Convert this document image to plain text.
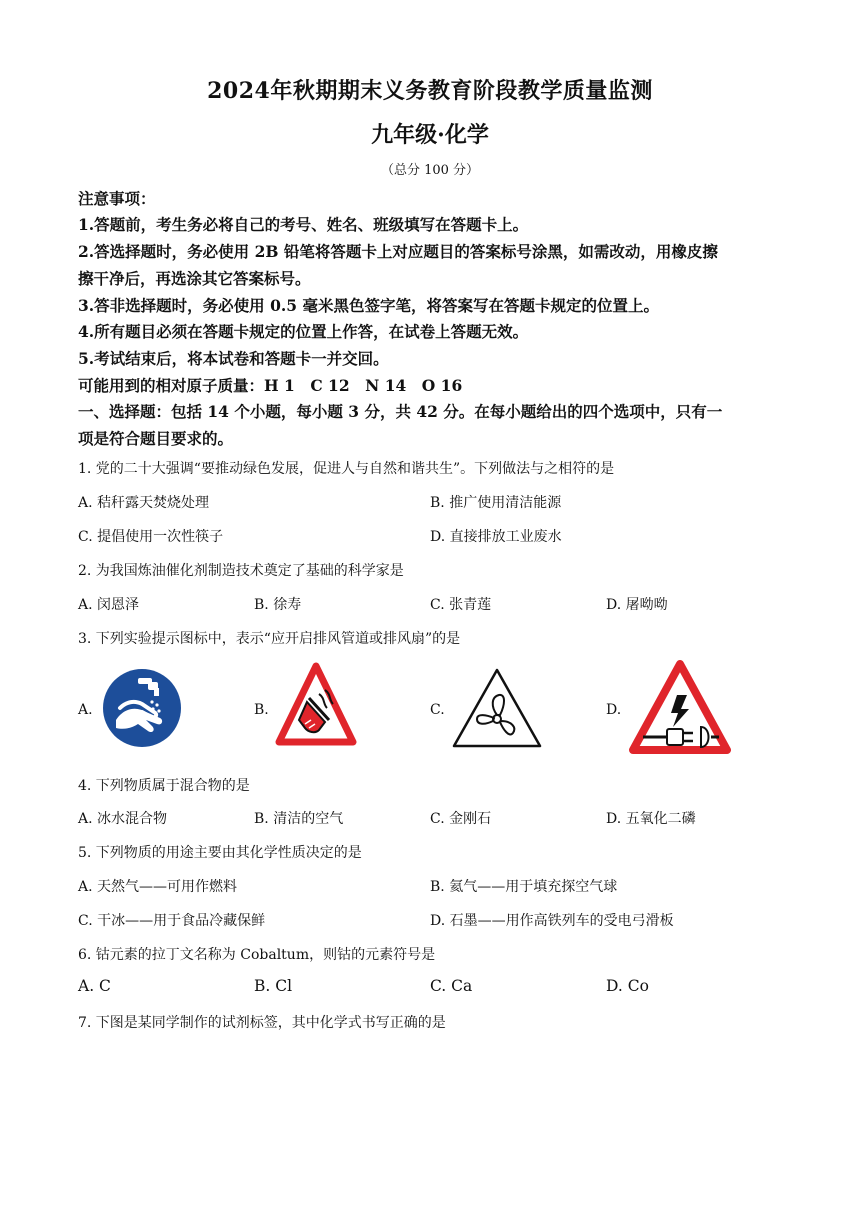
2024年秋期期末义务教育阶段教学质量监测
九年级·化学
（总分 100 分）
注意事项：
1.答题前，考生务必将自己的考号、姓名、班级填写在答题卡上。
2.答选择题时，务必使用 2B 铅笔将答题卡上对应题目的答案标号涂黑，如需改动，用橡皮擦
擦干净后，再选涂其它答案标号。
3.答非选择题时，务必使用 0.5 毫米黑色签字笔，将答案写在答题卡规定的位置上。
4.所有题目必须在答题卡规定的位置上作答，在试卷上答题无效。
5.考试结束后，将本试卷和答题卡一并交回。
可能用到的相对原子质量：H 1　C 12　N 14　O 16
一、选择题：包括 14 个小题，每小题 3 分，共 42 分。在每小题给出的四个选项中，只有一
项是符合题目要求的。
1. 党的二十大强调“要推动绿色发展，促进人与自然和谐共生”。下列做法与之相符的是
A. 秸秆露天焚烧处理	B. 推广使用清洁能源
C. 提倡使用一次性筷子	D. 直接排放工业废水
2. 为我国炼油催化剂制造技术奠定了基础的科学家是
A. 闵恩泽	B. 徐寿	C. 张青莲	D. 屠呦呦
3. 下列实验提示图标中，表示“应开启排风管道或排风扇”的是
A.	B.	C.	D.
4. 下列物质属于混合物的是
A. 冰水混合物	B. 清洁的空气	C. 金刚石	D. 五氧化二磷
5. 下列物质的用途主要由其化学性质决定的是
A. 天然气——可用作燃料	B. 氦气——用于填充探空气球
C. 干冰——用于食品冷藏保鲜	D. 石墨——用作高铁列车的受电弓滑板
6. 钴元素的拉丁文名称为 Cobaltum，则钴的元素符号是
A. C	B. Cl	C. Ca	D. Co
7. 下图是某同学制作的试剂标签，其中化学式书写正确的是
